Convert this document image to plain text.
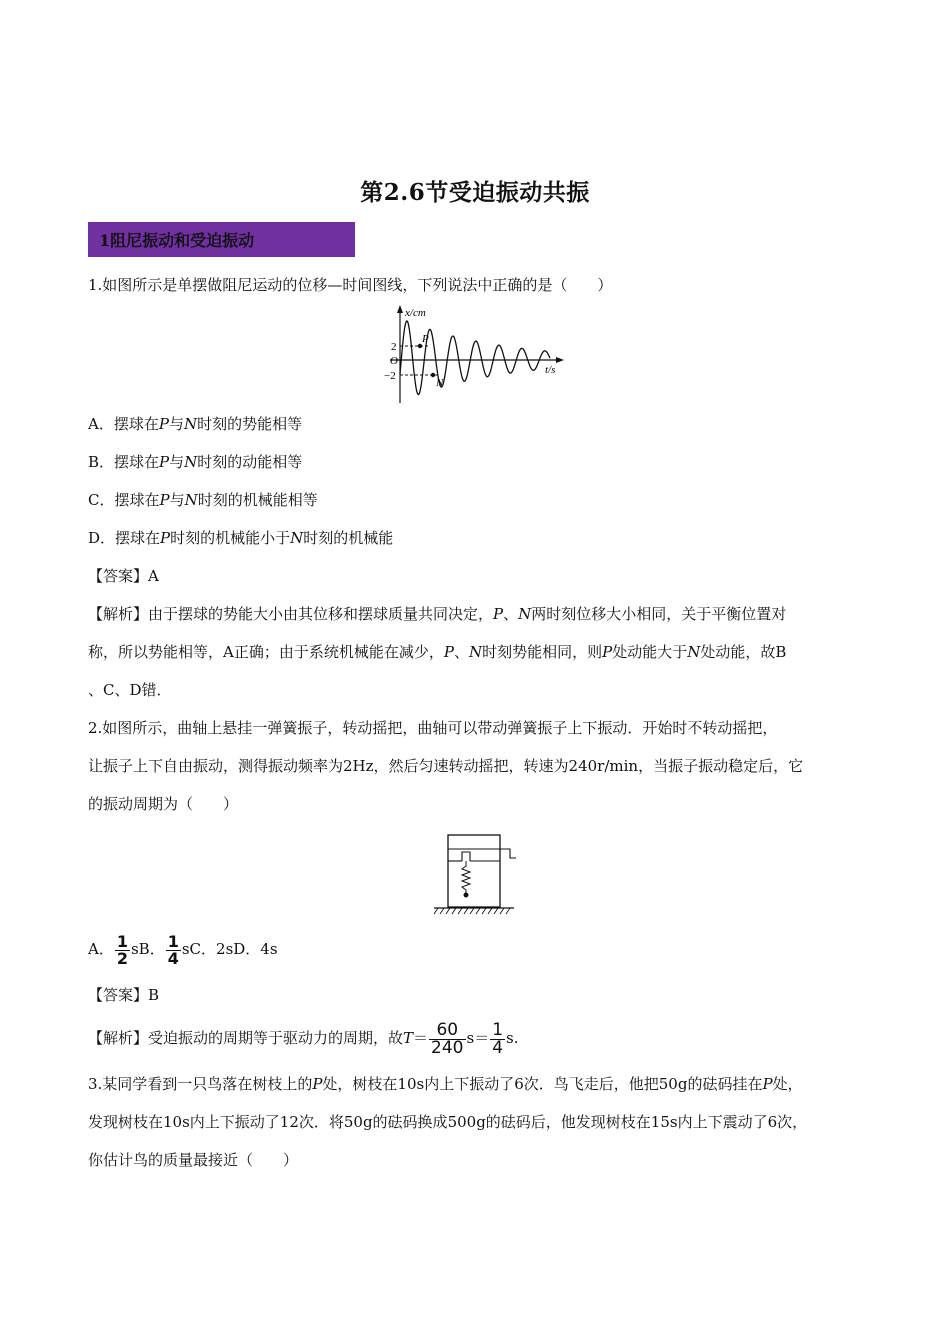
第2.6节受迫振动共振
1阻尼振动和受迫振动
1.如图所示是单摆做阻尼运动的位移—时间图线，下列说法中正确的是（　　）
x/cm
t/s
O
2
−2
P
N
A．摆球在P与N时刻的势能相等
B．摆球在P与N时刻的动能相等
C．摆球在P与N时刻的机械能相等
D．摆球在P时刻的机械能小于N时刻的机械能
【答案】A
【解析】由于摆球的势能大小由其位移和摆球质量共同决定，P、N两时刻位移大小相同，关于平衡位置对
称，所以势能相等，A正确；由于系统机械能在减少，P、N时刻势能相同，则P处动能大于N处动能，故B
、C、D错．
2.如图所示，曲轴上悬挂一弹簧振子，转动摇把，曲轴可以带动弹簧振子上下振动．开始时不转动摇把，
让振子上下自由振动，测得振动频率为2Hz，然后匀速转动摇把，转速为240r/min，当振子振动稳定后，它
的振动周期为（　　）
A． $\frac{1}{2}$ sB． $\frac{1}{4}$ sC．2sD．4s
【答案】B
【解析】受迫振动的周期等于驱动力的周期，故$T= \frac{60}{240} s= \frac{1}{4} s$.
3.某同学看到一只鸟落在树枝上的P处，树枝在10s内上下振动了6次．鸟飞走后，他把50g的砝码挂在P处，
发现树枝在10s内上下振动了12次．将50g的砝码换成500g的砝码后，他发现树枝在15s内上下震动了6次，
你估计鸟的质量最接近（　　）
